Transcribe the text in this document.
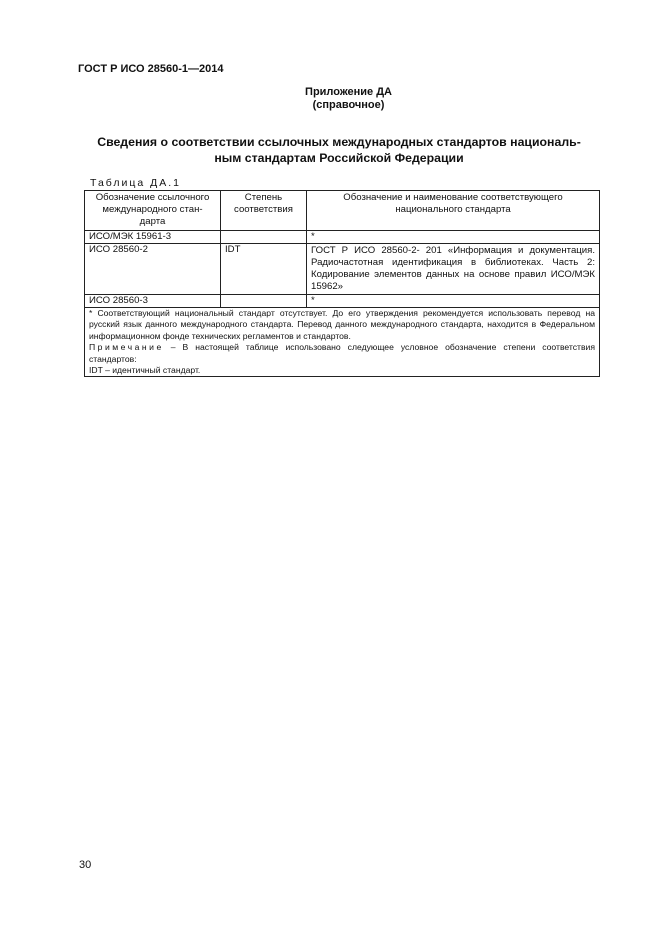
ГОСТ Р ИСО 28560-1—2014
Приложение ДА
(справочное)
Сведения о соответствии ссылочных международных стандартов националь-
ным стандартам Российской Федерации
Таблица ДА.1
Обозначение ссылочного международного стан-дарта	Степень соответствия	Обозначение и наименование соответствующего национального стандарта
ИСО/МЭК 15961-3		*
ИСО 28560-2	IDT	ГОСТ Р ИСО 28560-2- 201 «Информация и документация. Радиочастотная идентификация в библиотеках. Часть 2: Кодирование элементов данных на основе правил ИСО/МЭК 15962»
ИСО 28560-3		*

* Соответствующий национальный стандарт отсутствует. До его утверждения рекомендуется использовать перевод на русский язык данного международного стандарта. Перевод данного международного стандарта, находится в Федеральном информационном фонде технических регламентов и стандартов.

Примечание – В настоящей таблице использовано следующее условное обозначение степени соответствия стандартов:

IDT – идентичный стандарт.		

30
